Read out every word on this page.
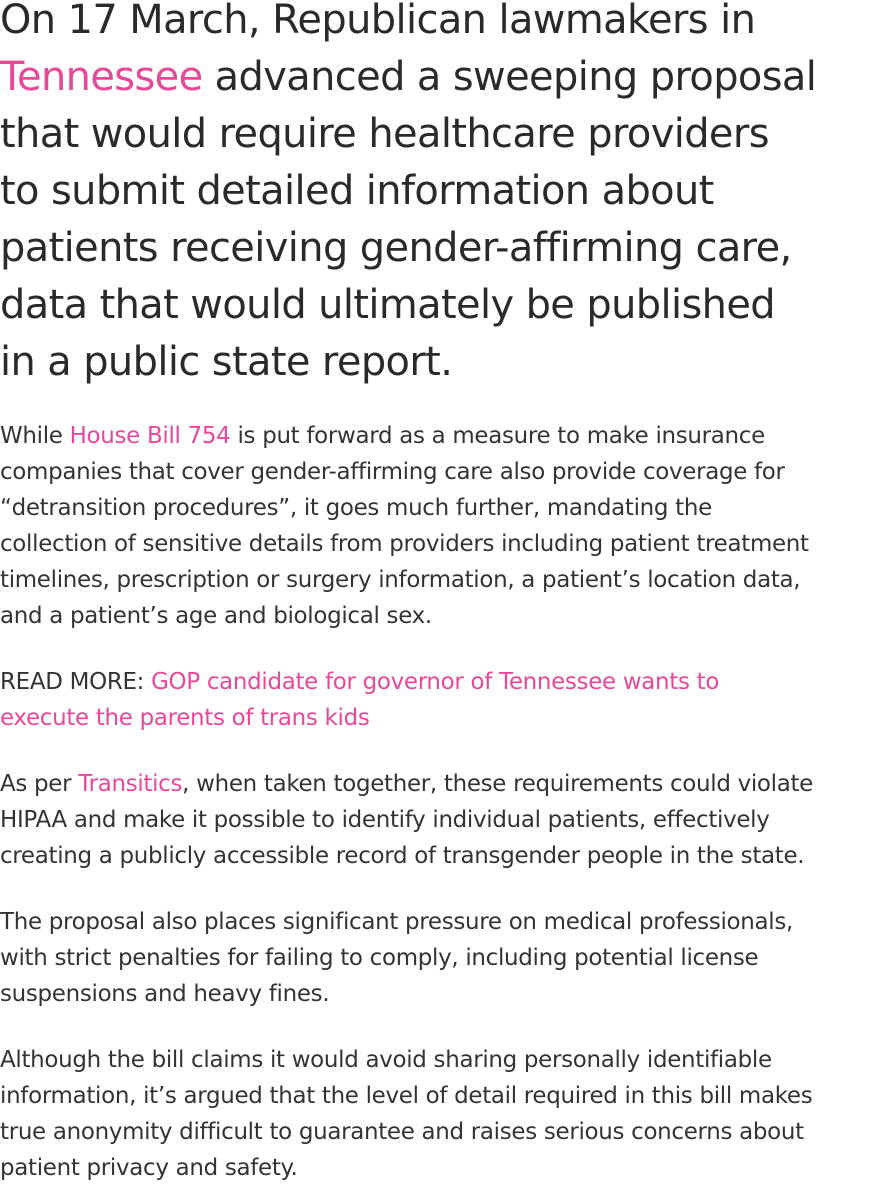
On 17 March, Republican lawmakers in
Tennessee advanced a sweeping proposal
that would require healthcare providers
to submit detailed information about
patients receiving gender-affirming care,
data that would ultimately be published
in a public state report.

While House Bill 754 is put forward as a measure to make insurance
companies that cover gender-affirming care also provide coverage for
“detransition procedures”, it goes much further, mandating the
collection of sensitive details from providers including patient treatment
timelines, prescription or surgery information, a patient’s location data,
and a patient’s age and biological sex.

READ MORE: GOP candidate for governor of Tennessee wants to
execute the parents of trans kids

As per Transitics, when taken together, these requirements could violate
HIPAA and make it possible to identify individual patients, effectively
creating a publicly accessible record of transgender people in the state.

The proposal also places significant pressure on medical professionals,
with strict penalties for failing to comply, including potential license
suspensions and heavy fines.

Although the bill claims it would avoid sharing personally identifiable
information, it’s argued that the level of detail required in this bill makes
true anonymity difficult to guarantee and raises serious concerns about
patient privacy and safety.
